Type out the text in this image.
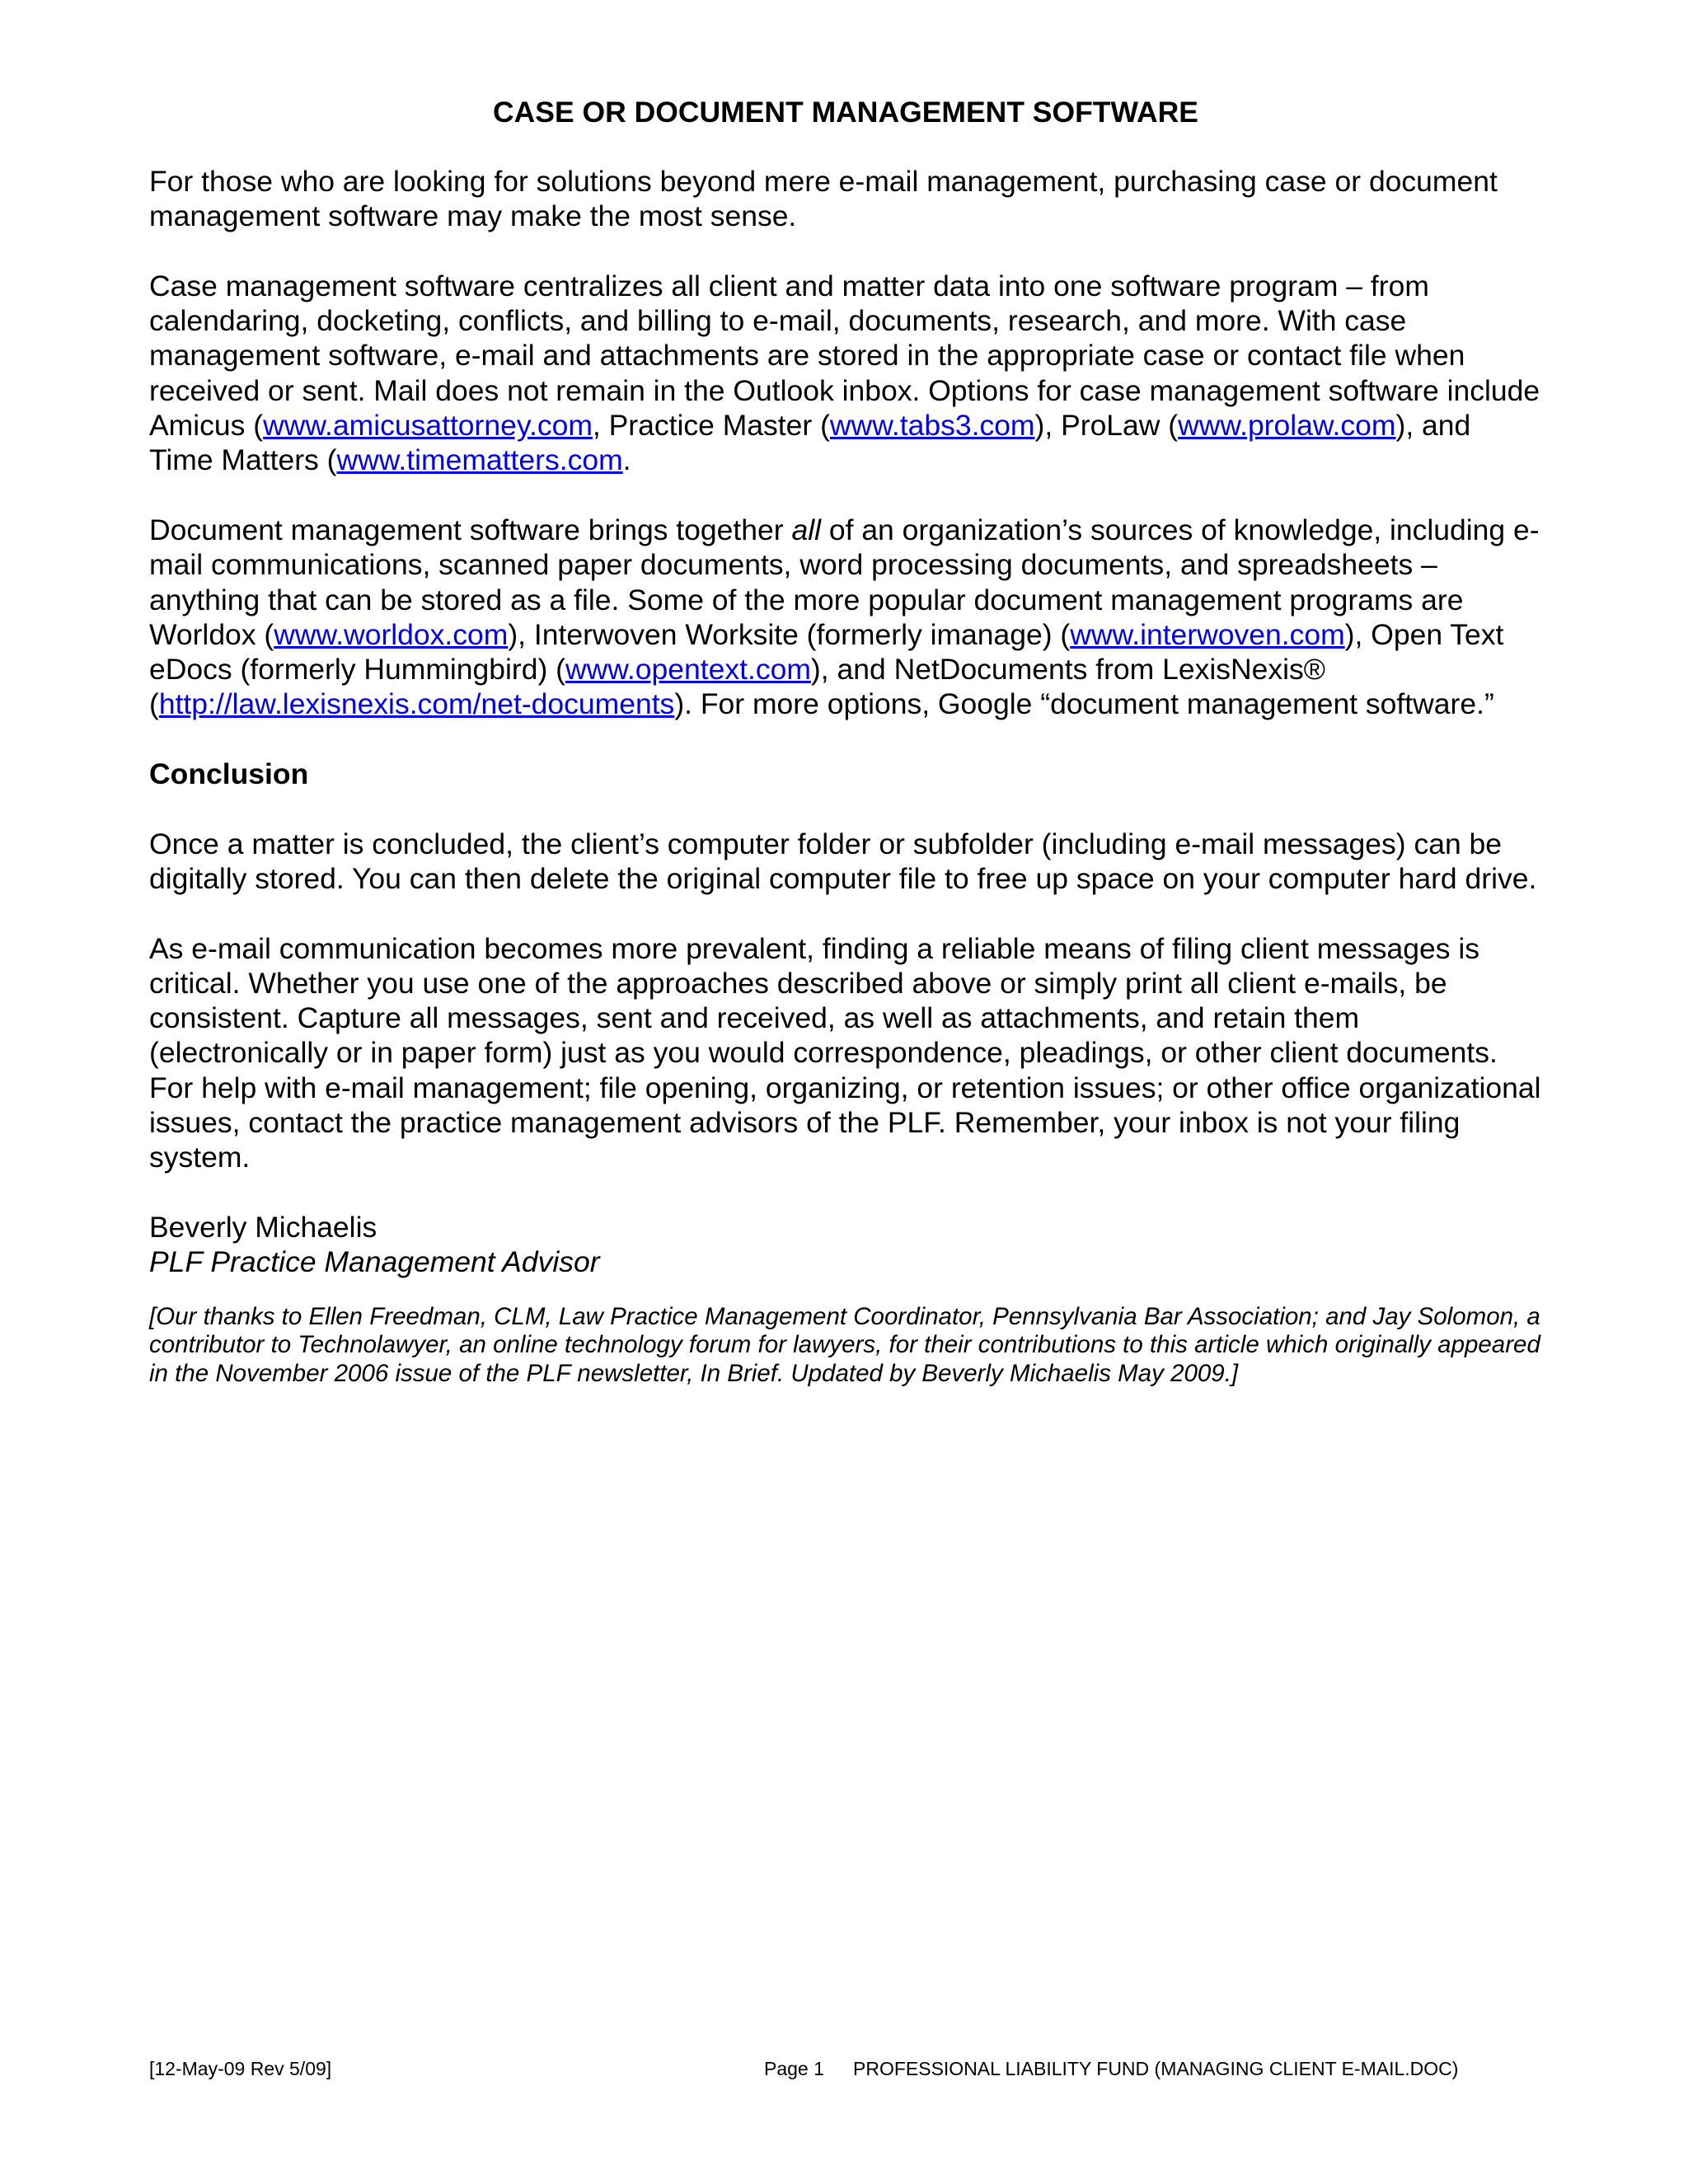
CASE OR DOCUMENT MANAGEMENT SOFTWARE

For those who are looking for solutions beyond mere e-mail management, purchasing case or document management software may make the most sense.

Case management software centralizes all client and matter data into one software program – from calendaring, docketing, conflicts, and billing to e-mail, documents, research, and more. With case management software, e-mail and attachments are stored in the appropriate case or contact file when received or sent. Mail does not remain in the Outlook inbox. Options for case management software include Amicus (www.amicusattorney.com, Practice Master (www.tabs3.com), ProLaw (www.prolaw.com), and Time Matters (www.timematters.com.

Document management software brings together all of an organization’s sources of knowledge, including e-mail communications, scanned paper documents, word processing documents, and spreadsheets – anything that can be stored as a file. Some of the more popular document management programs are Worldox (www.worldox.com), Interwoven Worksite (formerly imanage) (www.interwoven.com), Open Text eDocs (formerly Hummingbird) (www.opentext.com), and NetDocuments from LexisNexis® (http://law.lexisnexis.com/net-documents). For more options, Google “document management software.”

Conclusion

Once a matter is concluded, the client’s computer folder or subfolder (including e-mail messages) can be digitally stored. You can then delete the original computer file to free up space on your computer hard drive.

As e-mail communication becomes more prevalent, finding a reliable means of filing client messages is critical. Whether you use one of the approaches described above or simply print all client e-mails, be consistent. Capture all messages, sent and received, as well as attachments, and retain them (electronically or in paper form) just as you would correspondence, pleadings, or other client documents. For help with e-mail management; file opening, organizing, or retention issues; or other office organizational issues, contact the practice management advisors of the PLF. Remember, your inbox is not your filing system.

Beverly Michaelis
PLF Practice Management Advisor

[Our thanks to Ellen Freedman, CLM, Law Practice Management Coordinator, Pennsylvania Bar Association; and Jay Solomon, a contributor to Technolawyer, an online technology forum for lawyers, for their contributions to this article which originally appeared in the November 2006 issue of the PLF newsletter, In Brief. Updated by Beverly Michaelis May 2009.]

[12-May-09 Rev 5/09]	Page 1 PROFESSIONAL LIABILITY FUND (MANAGING CLIENT E-MAIL.DOC)
